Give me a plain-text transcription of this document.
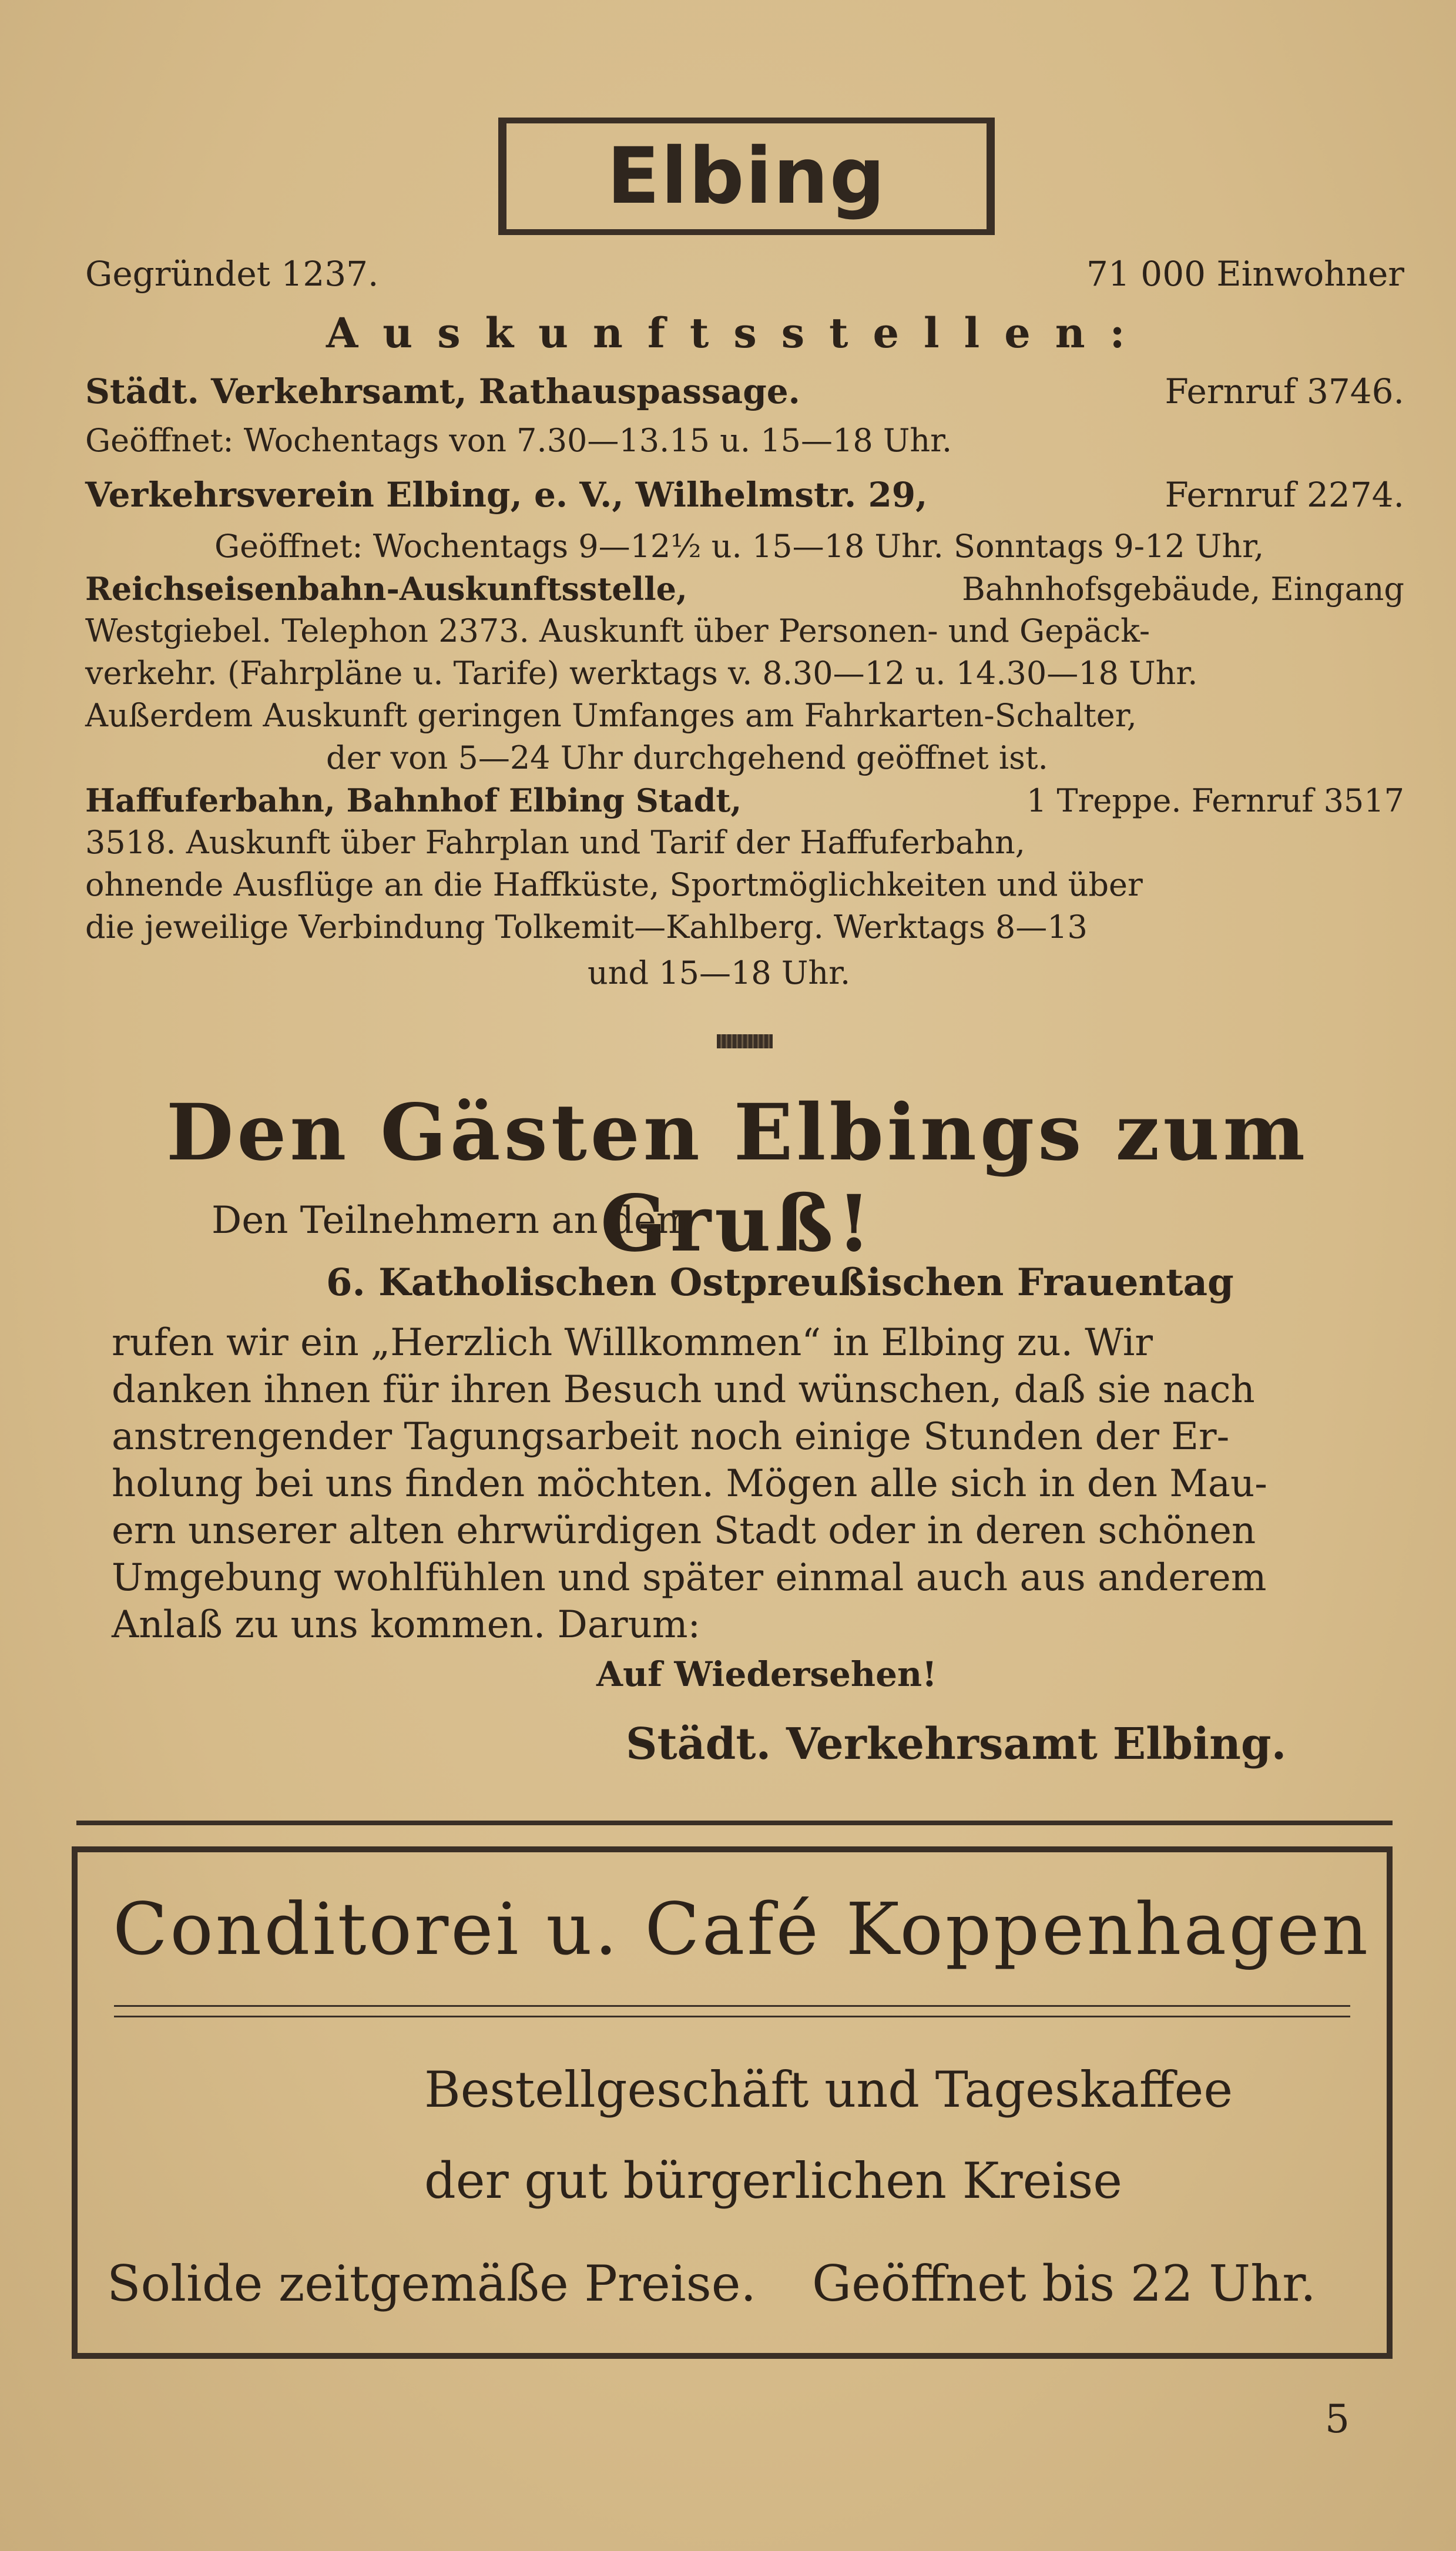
Elbing
Gegründet 1237.	71 000 Einwohner
Auskunftsstellen:
Städt. Verkehrsamt, Rathauspassage.	Fernruf 3746.
Geöffnet: Wochentags von 7.30—13.15 u. 15—18 Uhr.
Verkehrsverein Elbing, e. V., Wilhelmstr. 29,	Fernruf 2274.
Geöffnet: Wochentags 9—12½ u. 15—18 Uhr. Sonntags 9-12 Uhr,
Reichseisenbahn-Auskunftsstelle,	Bahnhofsgebäude, Eingang
Westgiebel. Telephon 2373. Auskunft über Personen- und Gepäck-
verkehr. (Fahrpläne u. Tarife) werktags v. 8.30—12 u. 14.30—18 Uhr.
Außerdem Auskunft geringen Umfanges am Fahrkarten-Schalter,
der von 5—24 Uhr durchgehend geöffnet ist.
Haffuferbahn, Bahnhof Elbing Stadt,	1 Treppe. Fernruf 3517
3518. Auskunft über Fahrplan und Tarif der Haffuferbahn,
ohnende Ausflüge an die Haffküste, Sportmöglichkeiten und über
die jeweilige Verbindung Tolkemit—Kahlberg. Werktags 8—13
und 15—18 Uhr.
Den Gästen Elbings zum Gruß!
Den Teilnehmern an dem
6. Katholischen Ostpreußischen Frauentag
rufen wir ein „Herzlich Willkommen“ in Elbing zu. Wir
danken ihnen für ihren Besuch und wünschen, daß sie nach
anstrengender Tagungsarbeit noch einige Stunden der Er-
holung bei uns finden möchten. Mögen alle sich in den Mau-
ern unserer alten ehrwürdigen Stadt oder in deren schönen
Umgebung wohlfühlen und später einmal auch aus anderem
Anlaß zu uns kommen. Darum:
Auf Wiedersehen!
Städt. Verkehrsamt Elbing.
Conditorei u. Café Koppenhagen
Bestellgeschäft und Tageskaffee
der gut bürgerlichen Kreise
Solide zeitgemäße Preise. Geöffnet bis 22 Uhr.
5
